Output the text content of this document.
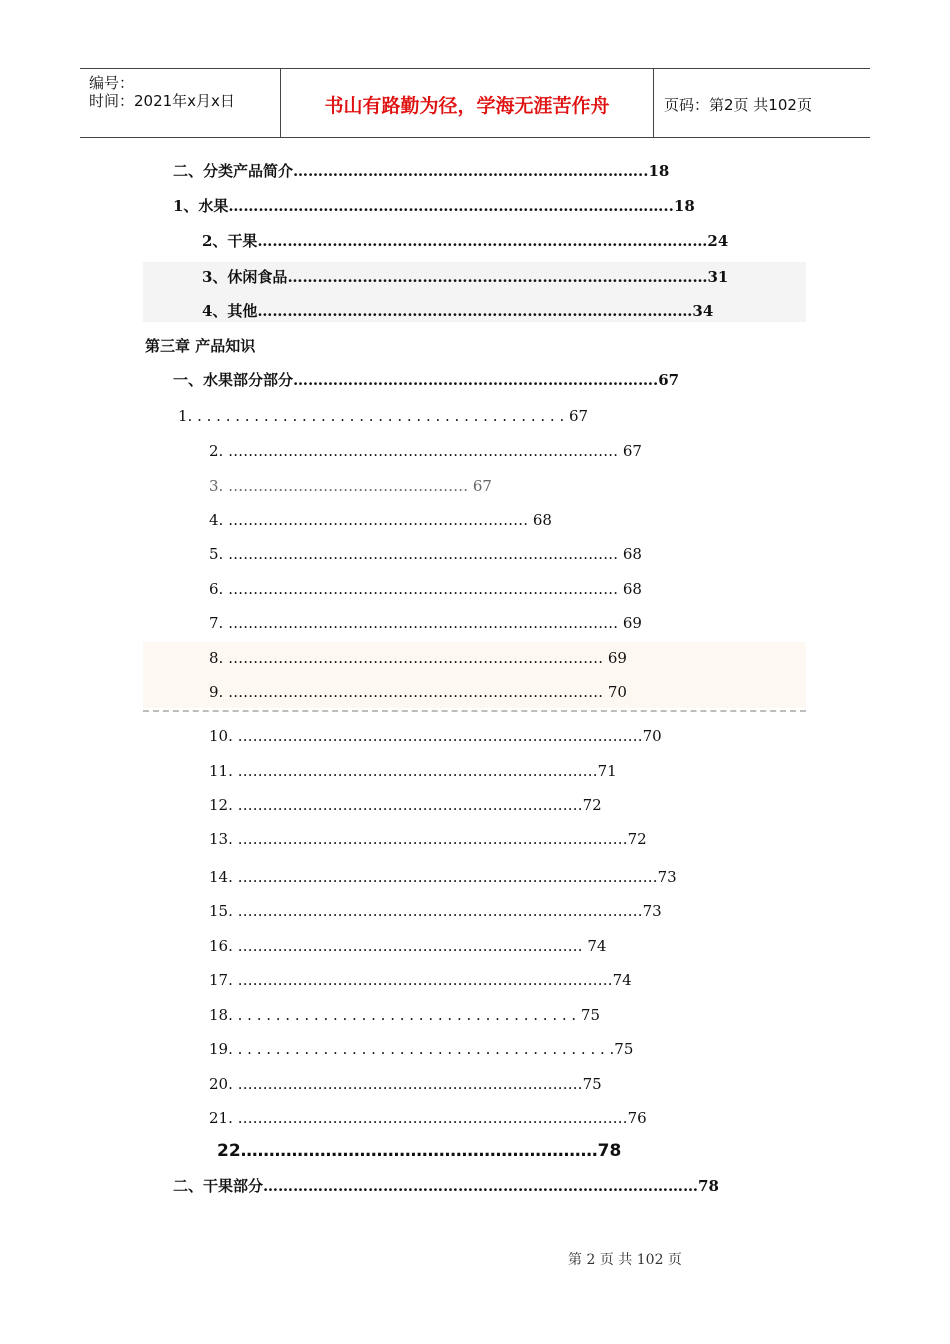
编号：
时间：2021年x月x日	书山有路勤为径，学海无涯苦作舟	页码：第2页 共102页
二、分类产品简介……………………………………………………………..18
1、水果……………………………………………………………………………..18
2、干果………………………………………………………………………………24
3、休闲食品…………………………………………………………………………31
4、其他……………………………………………………………………………34
第三章 产品知识
一、水果部分部分……………………………………………………………….67
1. . . . . . . . . . . . . . . . . . . . . . . . . . . . . . . . . . . . . . . . 67
2. …………………………………………………………………… 67
3. ………………………………………… 67
4. …………………………………………………… 68
5. …………………………………………………………………… 68
6. …………………………………………………………………… 68
7. …………………………………………………………………… 69
8. ………………………………………………………………… 69
9. ………………………………………………………………… 70
10. ………………………………………………………………………70
11. ………………………………………………………………71
12. ……………………………………………………………72
13. ……………………………………………………………………72
14. …………………………………………………………………………73
15. ………………………………………………………………………73
16. …………………………………………………………… 74
17. …………………………………………………………………74
18. . . . . . . . . . . . . . . . . . . . . . . . . . . . . . . . . . . . . 75
19. . . . . . . . . . . . . . . . . . . . . . . . . . . . . . . . . . . . . . . . .75
20. ……………………………………………………………75
21. ……………………………………………………………………76
22………………………………………………………78
二、干果部分……………………………………………………………………………78
第 2 页 共 102 页
